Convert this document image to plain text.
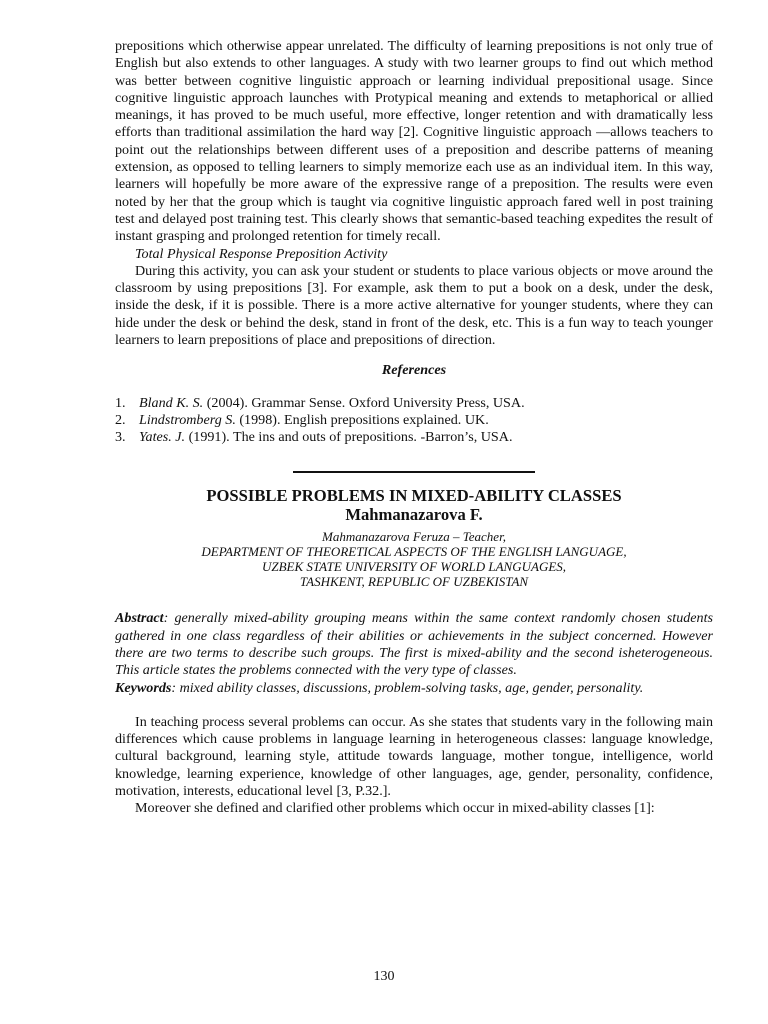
prepositions which otherwise appear unrelated. The difficulty of learning prepositions is not only true of English but also extends to other languages. A study with two learner groups to find out which method was better between cognitive linguistic approach or learning individual prepositional usage. Since cognitive linguistic approach launches with Protypical meaning and extends to metaphorical or allied meanings, it has proved to be much useful, more effective, longer retention and with dramatically less efforts than traditional assimilation the hard way [2]. Cognitive linguistic approach —allows teachers to point out the relationships between different uses of a preposition and describe patterns of meaning extension, as opposed to telling learners to simply memorize each use as an individual item. In this way, learners will hopefully be more aware of the expressive range of a preposition. The results were even noted by her that the group which is taught via cognitive linguistic approach fared well in post training test and delayed post training test. This clearly shows that semantic-based teaching expedites the result of instant grasping and prolonged retention for timely recall.

Total Physical Response Preposition Activity

During this activity, you can ask your student or students to place various objects or move around the classroom by using prepositions [3]. For example, ask them to put a book on a desk, under the desk, inside the desk, if it is possible. There is a more active alternative for younger students, where they can hide under the desk or behind the desk, stand in front of the desk, etc. This is a fun way to teach younger learners to learn prepositions of place and prepositions of direction.

References

1. Bland K. S. (2004). Grammar Sense. Oxford University Press, USA.
2. Lindstromberg S. (1998). English prepositions explained. UK.
3. Yates. J. (1991). The ins and outs of prepositions. -Barron’s, USA.

POSSIBLE PROBLEMS IN MIXED-ABILITY CLASSES

Mahmanazarova F.

Mahmanazarova Feruza – Teacher,

DEPARTMENT OF THEORETICAL ASPECTS OF THE ENGLISH LANGUAGE,

UZBEK STATE UNIVERSITY OF WORLD LANGUAGES,

TASHKENT, REPUBLIC OF UZBEKISTAN

Abstract: generally mixed-ability grouping means within the same context randomly chosen students gathered in one class regardless of their abilities or achievements in the subject concerned. However there are two terms to describe such groups. The first is mixed-ability and the second isheterogeneous. This article states the problems connected with the very type of classes.

Keywords: mixed ability classes, discussions, problem-solving tasks, age, gender, personality.

In teaching process several problems can occur. As she states that students vary in the following main differences which cause problems in language learning in heterogeneous classes: language knowledge, cultural background, learning style, attitude towards language, mother tongue, intelligence, world knowledge, learning experience, knowledge of other languages, age, gender, personality, confidence, motivation, interests, educational level [3, P.32.].

Moreover she defined and clarified other problems which occur in mixed-ability classes [1]:

130
